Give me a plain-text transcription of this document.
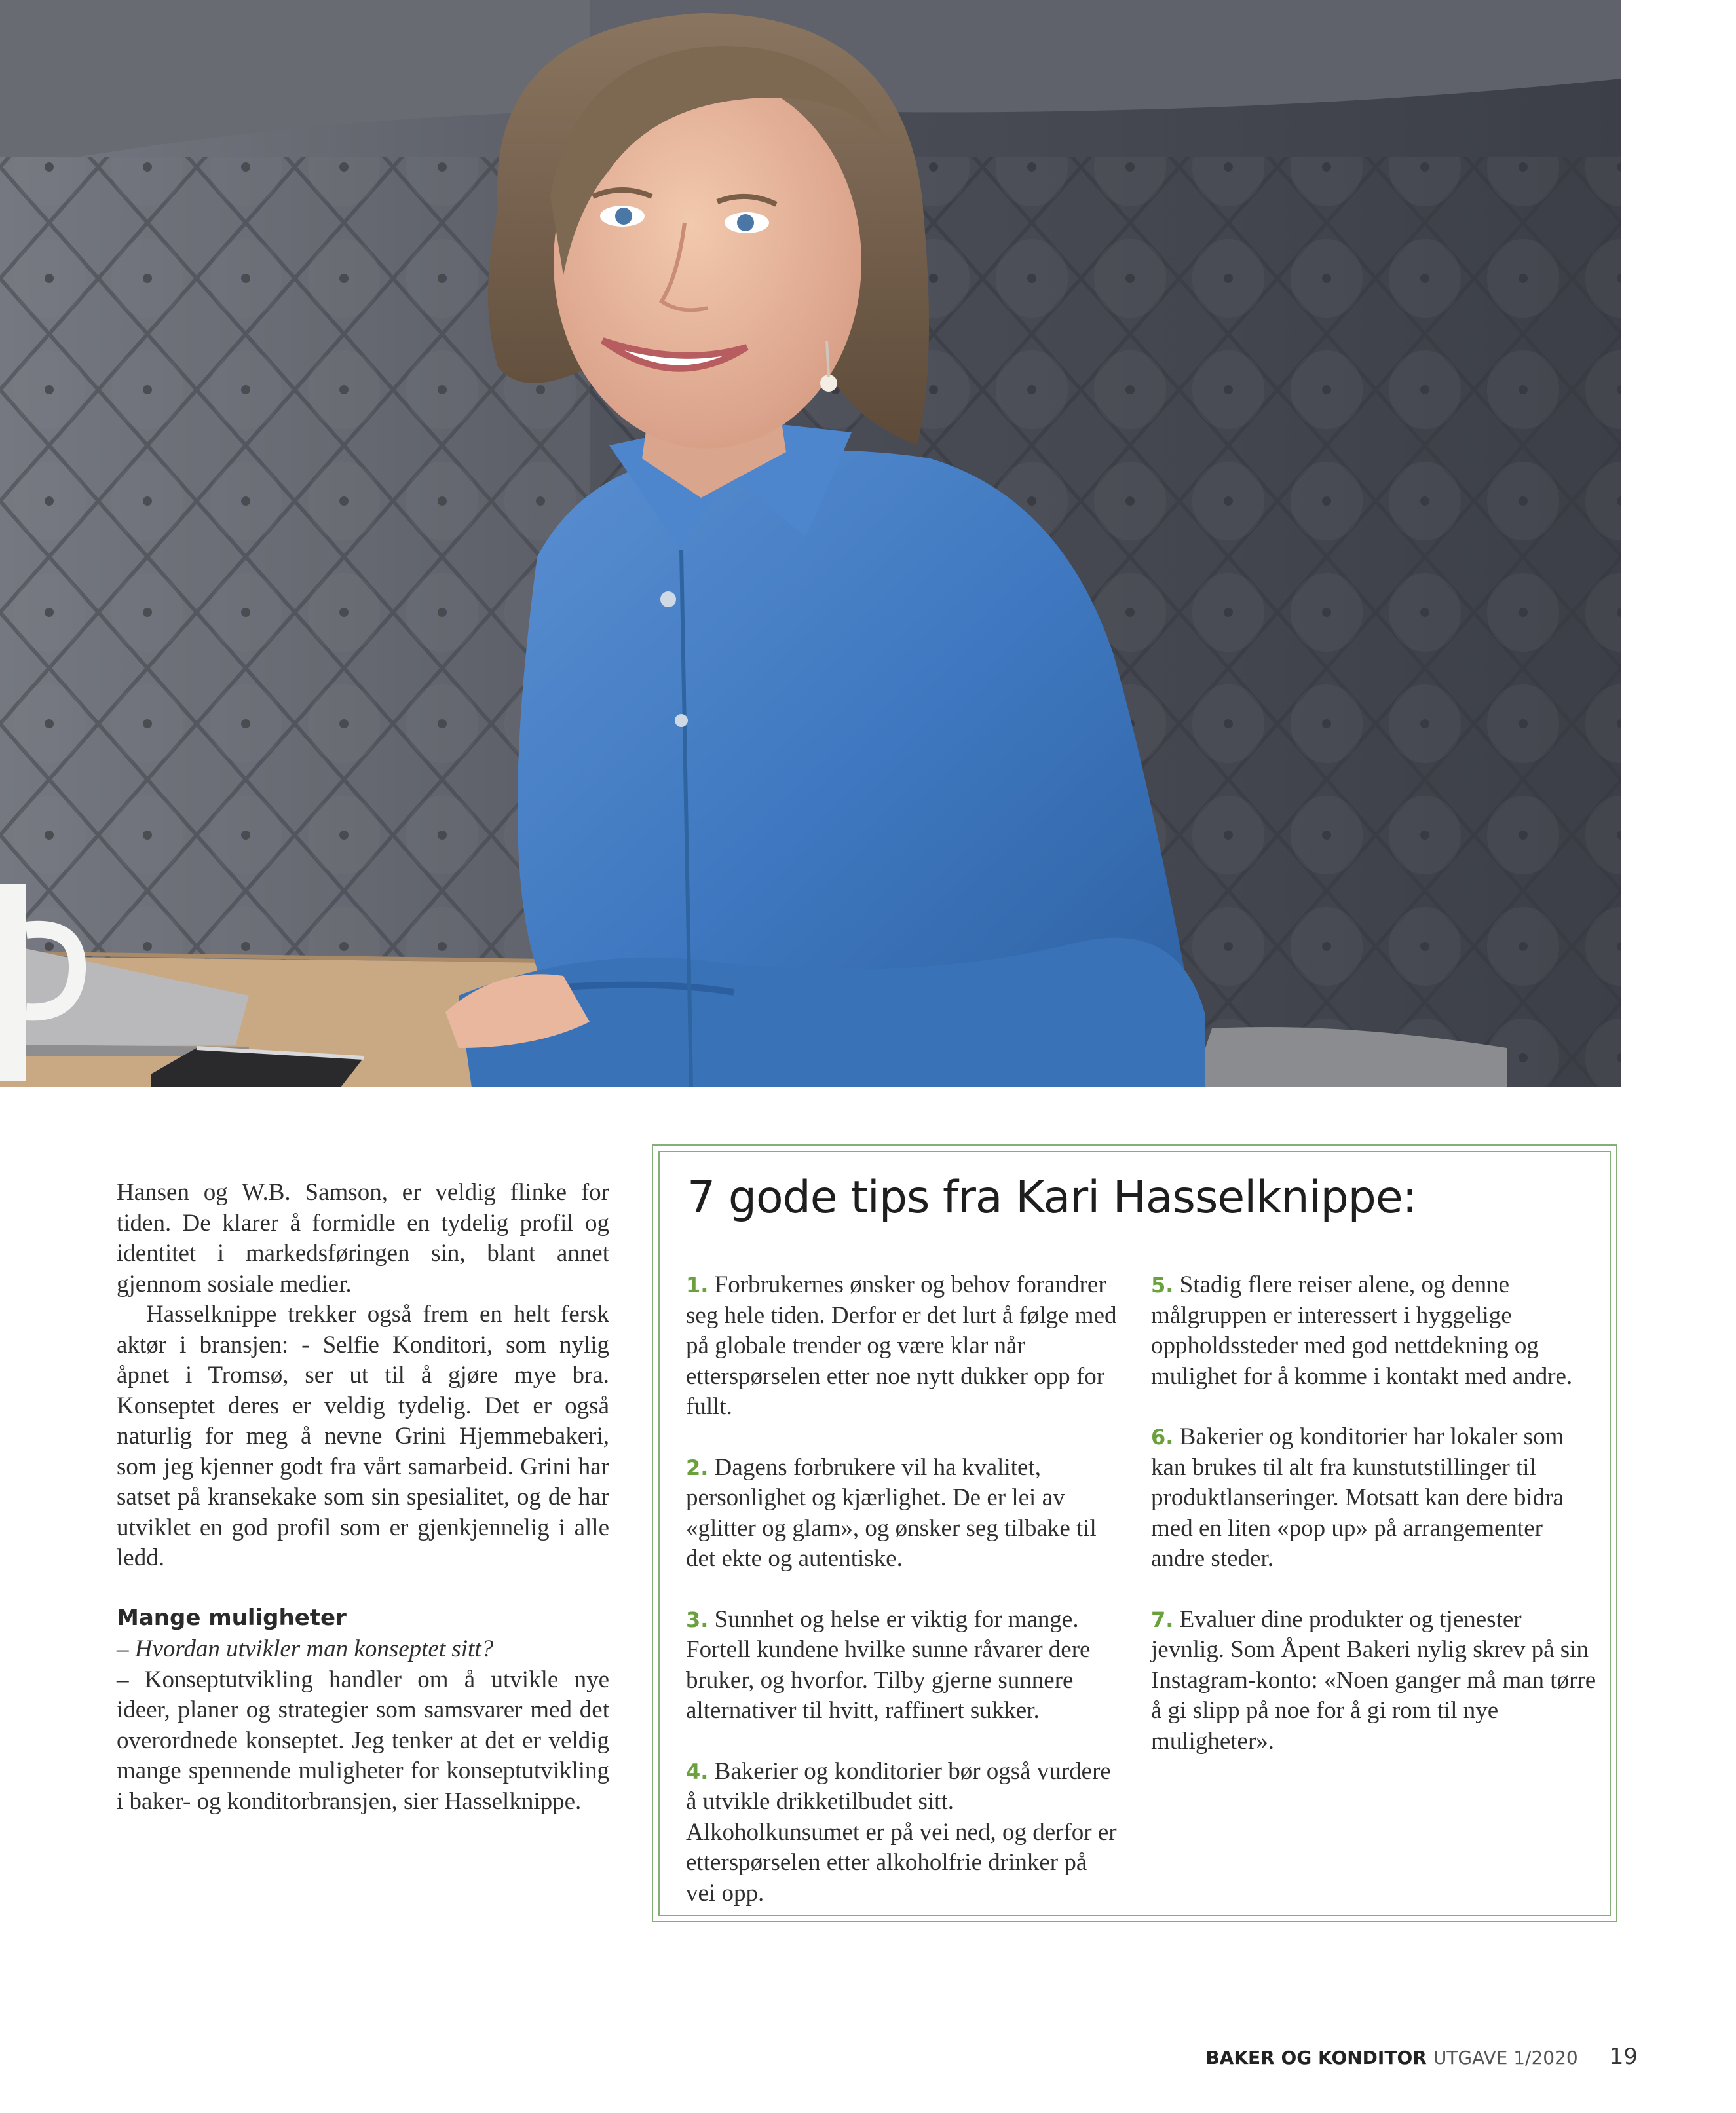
Hansen og W.B. Samson, er veldig flinke for tiden. De klarer å formidle en tydelig profil og identitet i markedsføringen sin, blant annet gjennom sosiale medier.

Hasselknippe trekker også frem en helt fersk aktør i bransjen: - Selfie Konditori, som nylig åpnet i Tromsø, ser ut til å gjøre mye bra. Konseptet deres er veldig tydelig. Det er også naturlig for meg å nevne Grini Hjemmebakeri, som jeg kjenner godt fra vårt samarbeid. Grini har satset på kransekake som sin spesialitet, og de har utviklet en god profil som er gjenkjennelig i alle ledd.

Mange muligheter

– Hvordan utvikler man konseptet sitt?

– Konseptutvikling handler om å utvikle nye ideer, planer og strategier som samsvarer med det overordnede konseptet. Jeg tenker at det er veldig mange spennende muligheter for konseptutvikling i baker- og konditorbransjen, sier Hasselknippe.

7 gode tips fra Kari Hasselknippe:

1. Forbrukernes ønsker og behov forandrer seg hele tiden. Derfor er det lurt å følge med på globale trender og være klar når etterspørselen etter noe nytt dukker opp for fullt.

2. Dagens forbrukere vil ha kvalitet, personlighet og kjærlighet. De er lei av «glitter og glam», og ønsker seg tilbake til det ekte og autentiske.

3. Sunnhet og helse er viktig for mange. Fortell kundene hvilke sunne råvarer dere bruker, og hvorfor. Tilby gjerne sunnere alternativer til hvitt, raffinert sukker.

4. Bakerier og konditorier bør også vurdere å utvikle drikketilbudet sitt. Alkoholkunsumet er på vei ned, og derfor er etterspørselen etter alkoholfrie drinker på vei opp.

5. Stadig flere reiser alene, og denne målgruppen er interessert i hyggelige oppholdssteder med god nettdekning og mulighet for å komme i kontakt med andre.

6. Bakerier og konditorier har lokaler som kan brukes til alt fra kunstutstillinger til produktlanseringer. Motsatt kan dere bidra med en liten «pop up» på arrangementer andre steder.

7. Evaluer dine produkter og tjenester jevnlig. Som Åpent Bakeri nylig skrev på sin Instagram-konto: «Noen ganger må man tørre å gi slipp på noe for å gi rom til nye muligheter».

BAKER OG KONDITOR UTGAVE 1/2020 19
